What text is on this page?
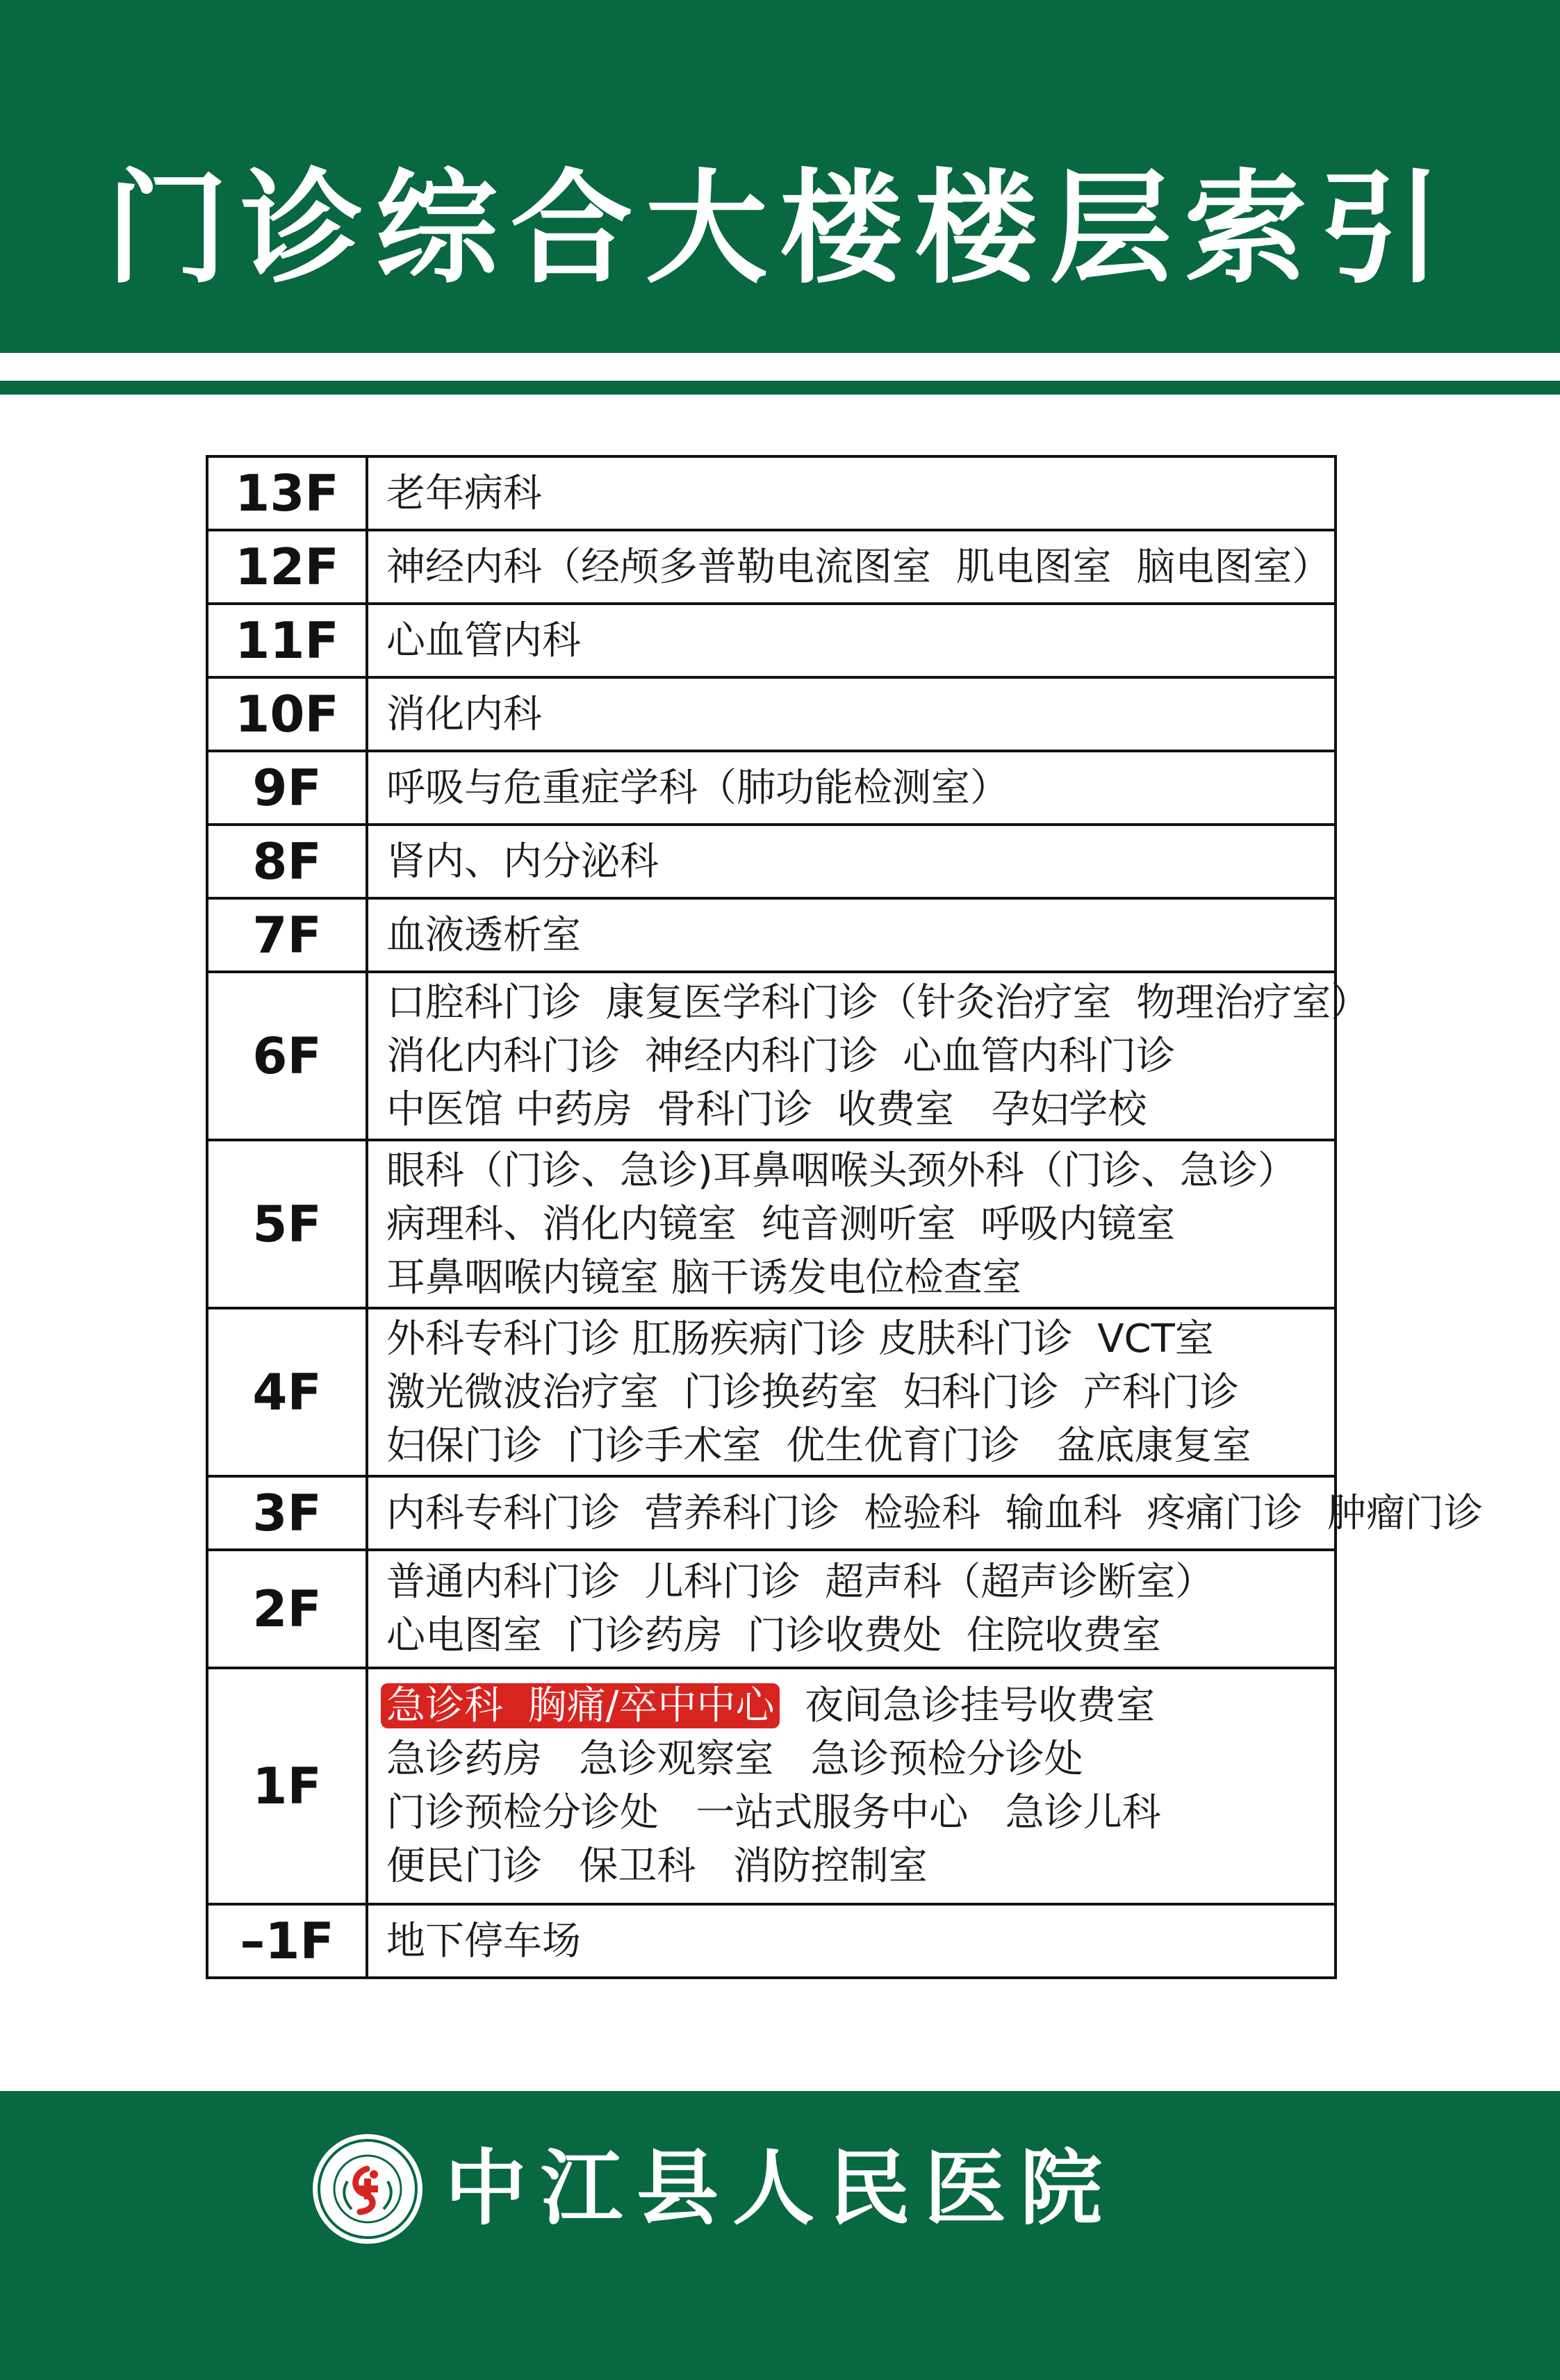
门诊综合大楼楼层索引
13F	老年病科

12F	神经内科（经颅多普勒电流图室  肌电图室  脑电图室）

11F	心血管内科

10F	消化内科

9F	呼吸与危重症学科（肺功能检测室）

8F	肾内、内分泌科

7F	血液透析室

6F	口腔科门诊  康复医学科门诊（针灸治疗室  物理治疗室）
消化内科门诊  神经内科门诊  心血管内科门诊
中医馆 中药房  骨科门诊  收费室   孕妇学校

5F	眼科（门诊、急诊)耳鼻咽喉头颈外科（门诊、急诊）
病理科、消化内镜室  纯音测听室  呼吸内镜室
耳鼻咽喉内镜室 脑干诱发电位检查室

4F	外科专科门诊 肛肠疾病门诊 皮肤科门诊  VCT室
激光微波治疗室  门诊换药室  妇科门诊  产科门诊
妇保门诊  门诊手术室  优生优育门诊   盆底康复室

3F	内科专科门诊  营养科门诊  检验科  输血科  疼痛门诊  肿瘤门诊

2F	普通内科门诊  儿科门诊  超声科（超声诊断室）
心电图室  门诊药房  门诊收费处  住院收费室

1F	急诊科  胸痛/卒中中心  夜间急诊挂号收费室
急诊药房   急诊观察室   急诊预检分诊处
门诊预检分诊处   一站式服务中心   急诊儿科
便民门诊   保卫科   消防控制室

–1F	地下停车场
中江县人民医院
